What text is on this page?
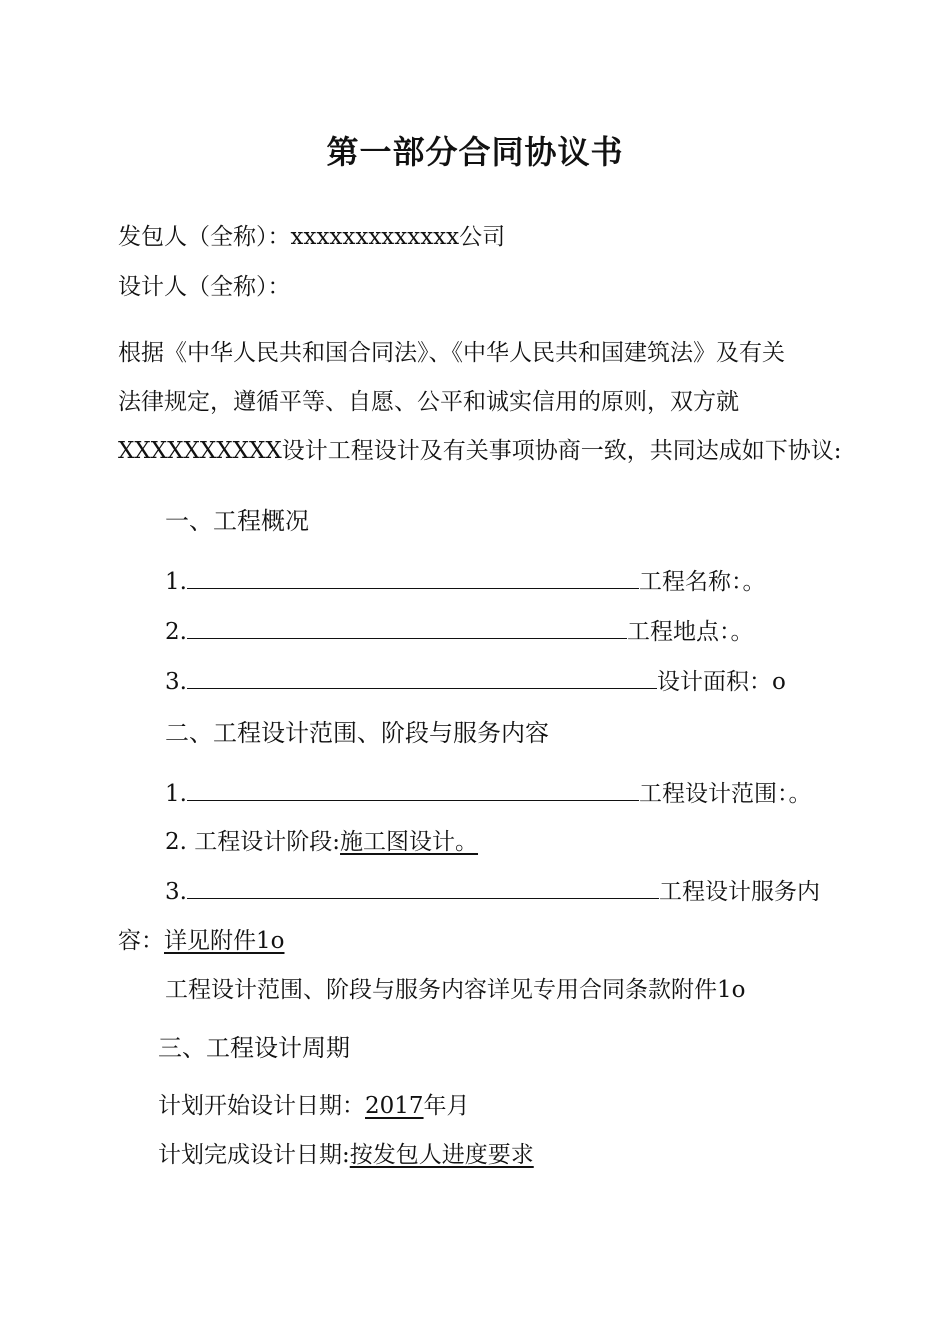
第一部分合同协议书
发包人（全称）：xxxxxxxxxxxxx公司
设计人（全称）：
根据《中华人民共和国合同法》、《中华人民共和国建筑法》及有关
法律规定，遵循平等、自愿、公平和诚实信用的原则，双方就
XXXXXXXXXX设计工程设计及有关事项协商一致，共同达成如下协议:
一、工程概况
1.	工程名称：。
2.	工程地点：。
3.	设计面积：o
二、工程设计范围、阶段与服务内容
1.	工程设计范围：。
2. 工程设计阶段:施工图设计。
3.	工程设计服务内
容：详见附件1o
工程设计范围、阶段与服务内容详见专用合同条款附件1o
三、工程设计周期
计划开始设计日期：2017年月
计划完成设计日期:按发包人进度要求
